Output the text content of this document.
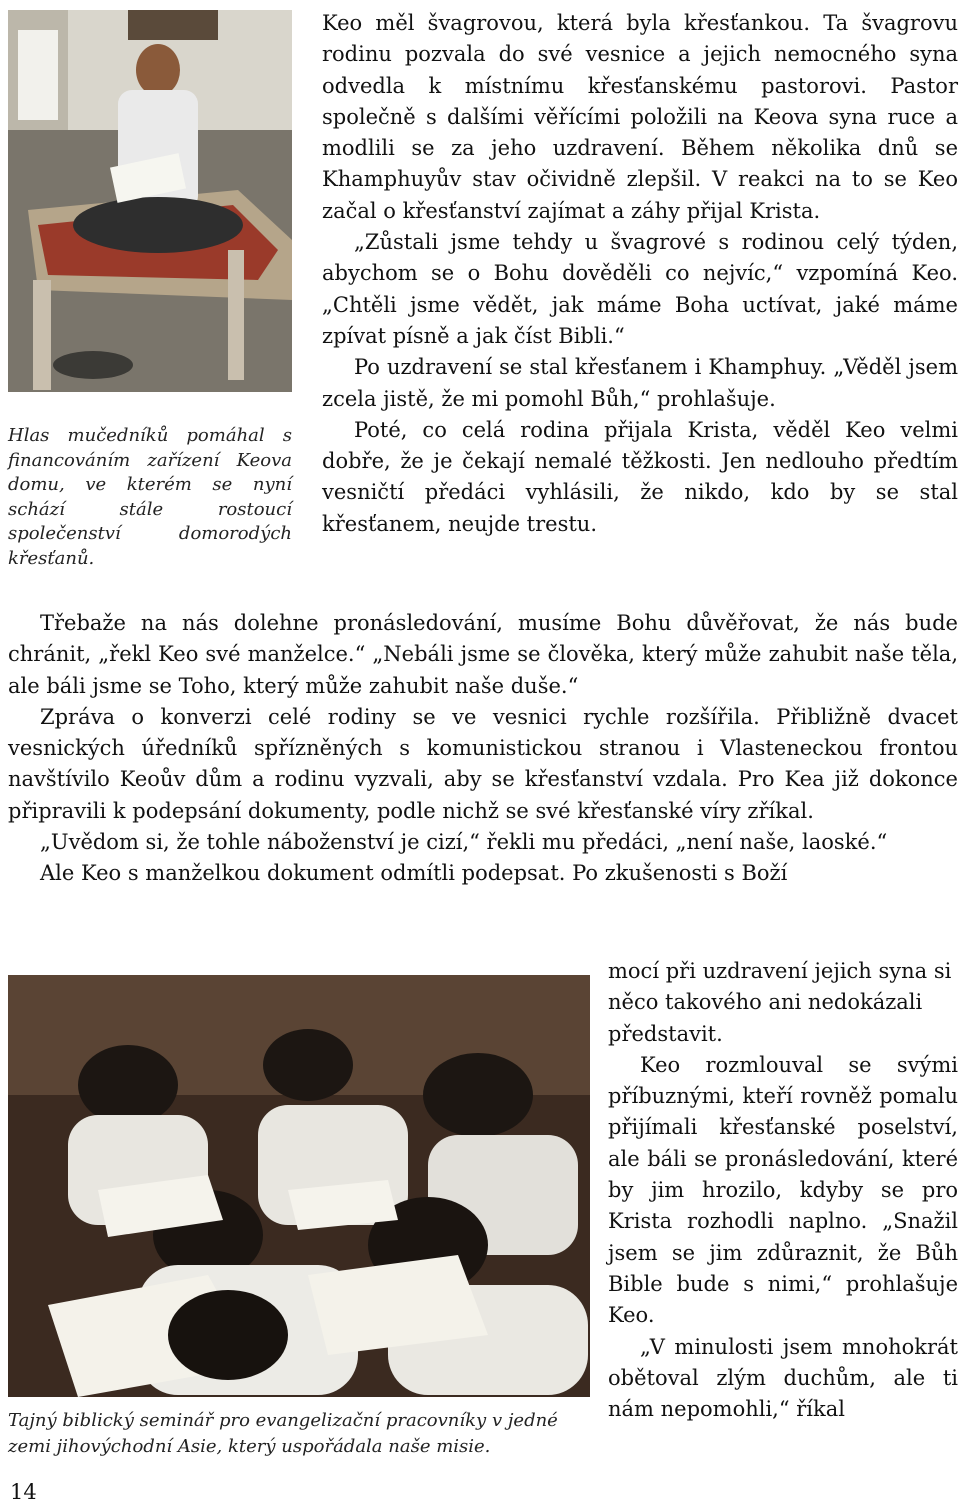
Hlas mučedníků pomáhal s financováním zařízení Keova domu, ve kterém se nyní schází stále rostoucí společenství domorodých křesťanů.
Tajný biblický seminář pro evangelizační pracovníky v jedné zemi jihovýchodní Asie, který uspořádala naše misie.

Keo měl švagrovou, která byla křesťankou. Ta švagrovu rodinu pozvala do své vesnice a jejich nemocného syna odvedla k místnímu křesťanskému pastorovi. Pastor společně s dalšími věřícími položili na Keova syna ruce a modlili se za jeho uzdravení. Během několika dnů se Khamphuyův stav očividně zlepšil. V reakci na to se Keo začal o křesťanství zajímat a záhy přijal Krista.

„Zůstali jsme tehdy u švagrové s rodinou celý týden, abychom se o Bohu dověděli co nejvíc,“ vzpomíná Keo. „Chtěli jsme vědět, jak máme Boha uctívat, jaké máme zpívat písně a jak číst Bibli.“

Po uzdravení se stal křesťanem i Khamphuy. „Věděl jsem zcela jistě, že mi pomohl Bůh,“ prohlašuje.

Poté, co celá rodina přijala Krista, věděl Keo velmi dobře, že je čekají nemalé těžkosti. Jen nedlouho předtím vesničtí předáci vyhlásili, že nikdo, kdo by se stal křesťanem, neujde trestu.

Třebaže na nás dolehne pronásledování, musíme Bohu důvěřovat, že nás bude chránit, „řekl Keo své manželce.“ „Nebáli jsme se člověka, který může zahubit naše těla, ale báli jsme se Toho, který může zahubit naše duše.“

Zpráva o konverzi celé rodiny se ve vesnici rychle rozšířila. Přibližně dvacet vesnických úředníků spřízněných s komunistickou stranou i Vlasteneckou frontou navštívilo Keoův dům a rodinu vyzvali, aby se křesťanství vzdala. Pro Kea již dokonce připravili k podepsání dokumenty, podle nichž se své křesťanské víry zříkal.

„Uvědom si, že tohle náboženství je cizí,“ řekli mu předáci, „není naše, laoské.“

Ale Keo s manželkou dokument odmítli podepsat. Po zkušenosti s Boží

mocí při uzdravení jejich syna si něco takového ani nedokázali představit.

Keo rozmlouval se svými příbuznými, kteří rovněž pomalu přijímali křesťanské poselství, ale báli se pronásledování, které by jim hrozilo, kdyby se pro Krista rozhodli naplno. „Snažil jsem se jim zdůraznit, že Bůh Bible bude s nimi,“ prohlašuje Keo.

„V minulosti jsem mnohokrát obětoval zlým duchům, ale ti nám nepomohli,“ říkal

14
